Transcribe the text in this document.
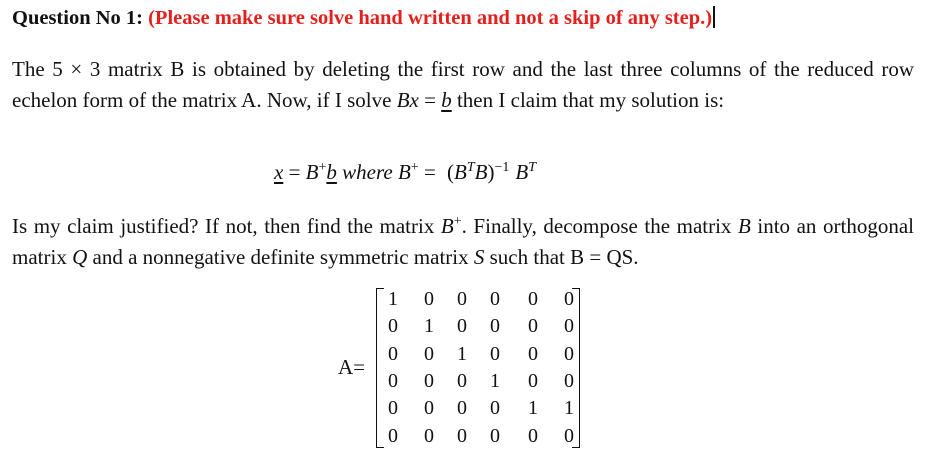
Question No 1: (Please make sure solve hand written and not a skip of any step.)
The 5 × 3 matrix B is obtained by deleting the first row and the last three columns of the reduced row echelon form of the matrix A. Now, if I solve Bx = b then I claim that my solution is:
x = B+b where $B^+ = (B^TB)^{-1}$ $B^T$
Is my claim justified? If not, then find the matrix B+. Finally, decompose the matrix B into an orthogonal matrix Q and a nonnegative definite symmetric matrix S such that B = QS.
A=
1	0	0	0	0	0
0	1	0	0	0	0
0	0	1	0	0	0
0	0	0	1	0	0
0	0	0	0	1	1
0	0	0	0	0	0
